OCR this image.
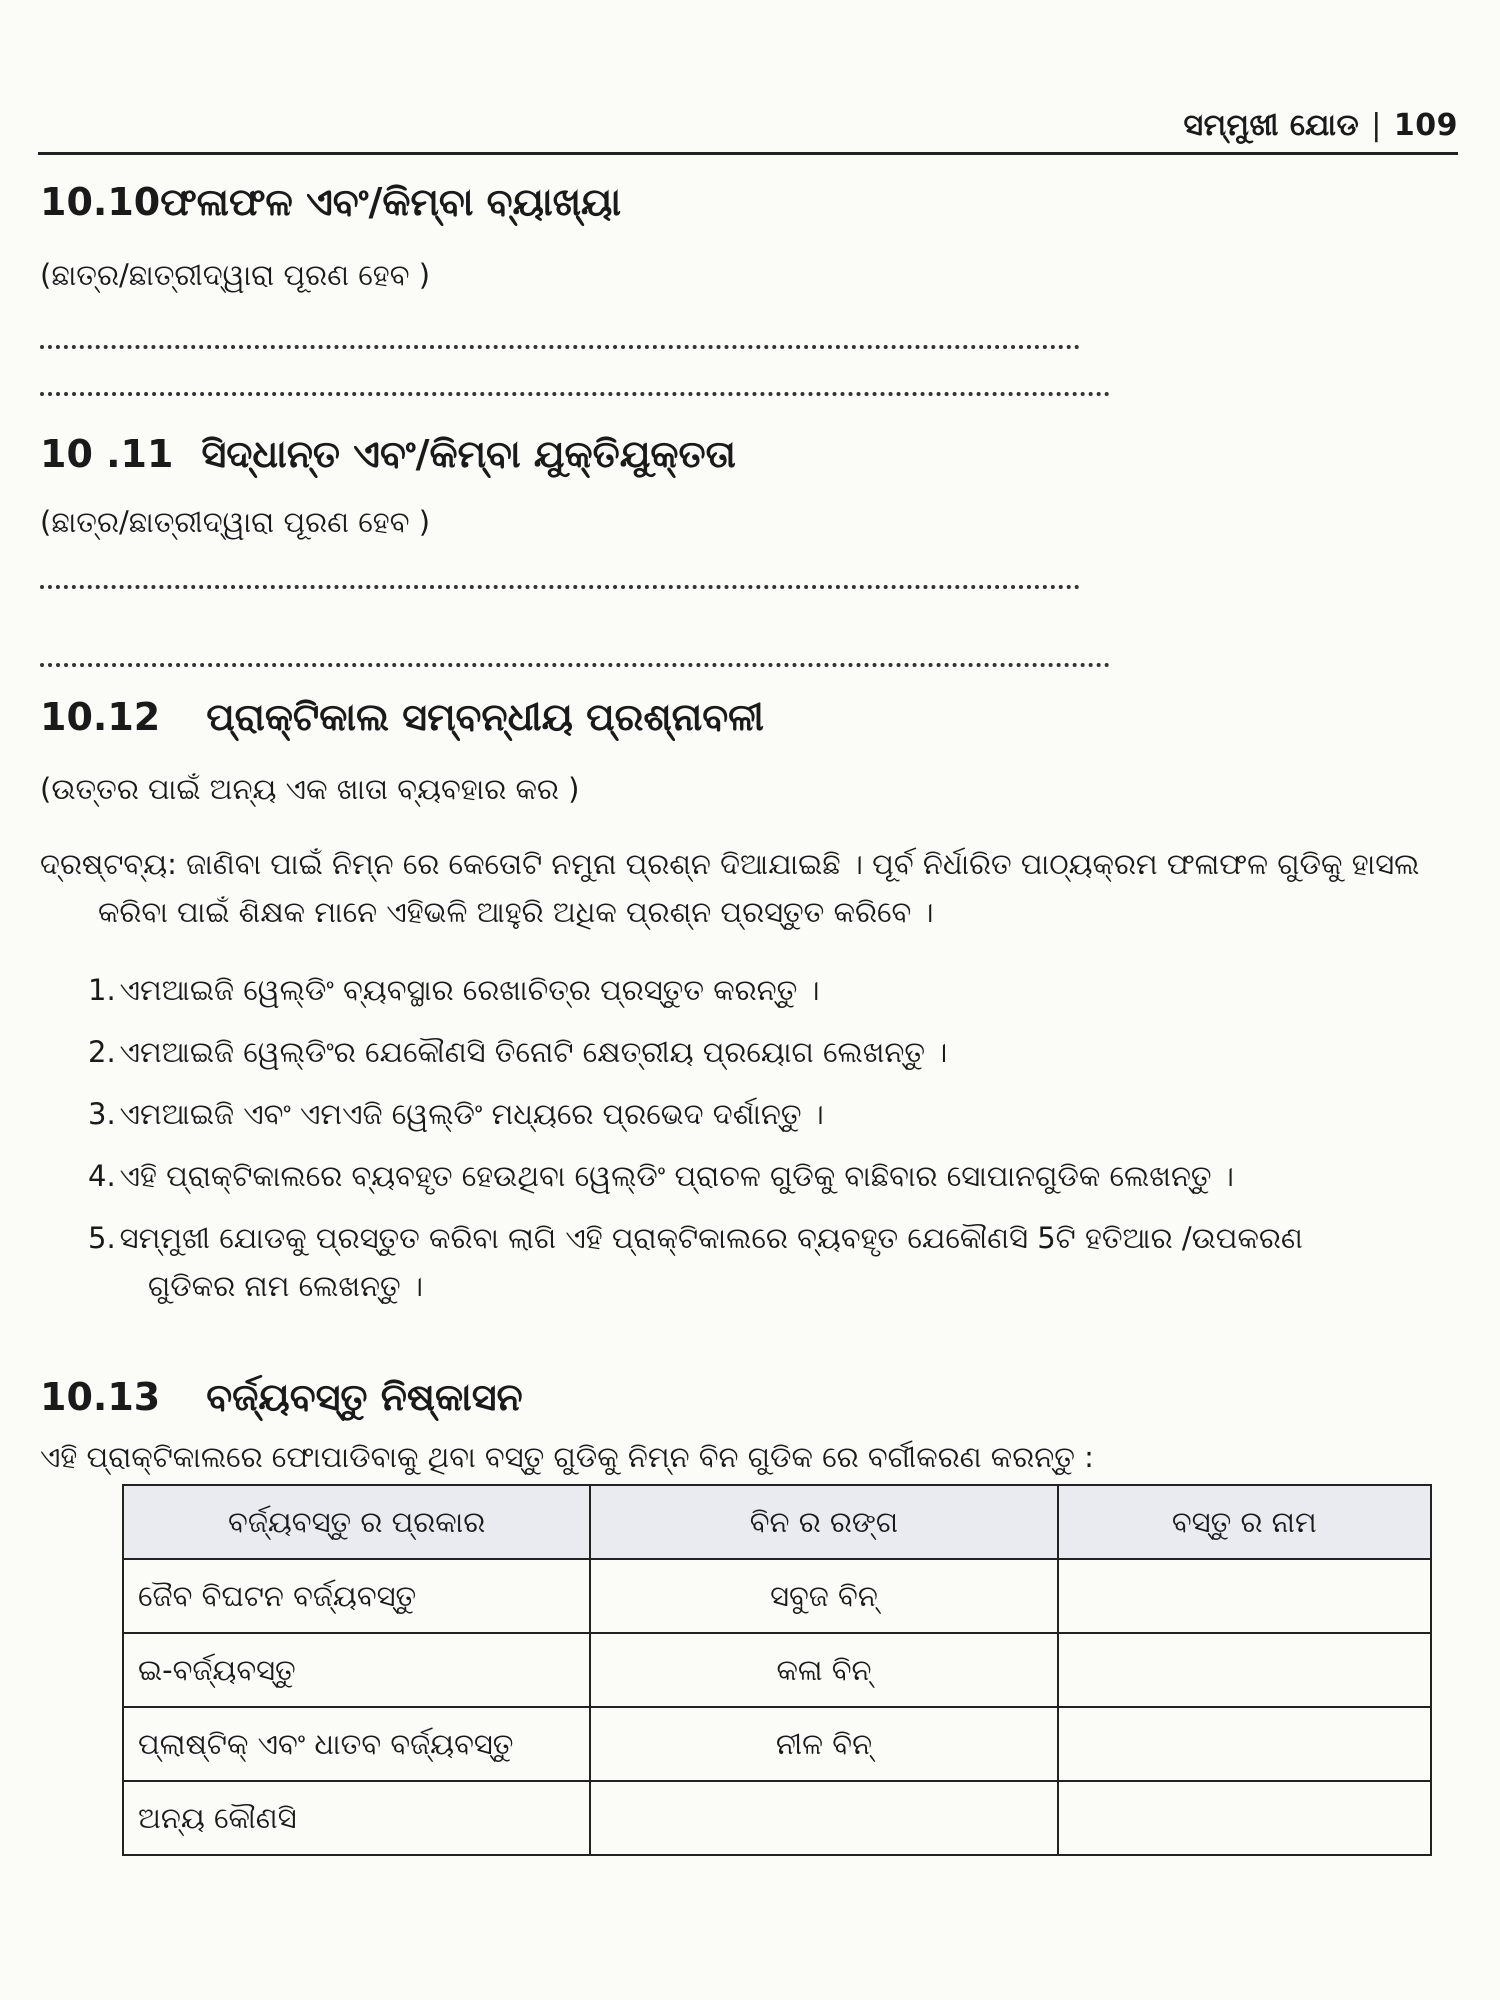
ସମ୍ମୁଖୀ ଯୋଡ | 109
10.10ଫଳାଫଳ ଏବଂ/କିମ୍ବା ବ୍ୟାଖ୍ୟା
(ଛାତ୍ର/ଛାତ୍ରୀଦ୍ୱାରା ପୂରଣ ହେବ )
10 .11 ସିଦ୍ଧାନ୍ତ ଏବଂ/କିମ୍ବା ଯୁକ୍ତିଯୁକ୍ତତା
(ଛାତ୍ର/ଛାତ୍ରୀଦ୍ୱାରା ପୂରଣ ହେବ )
10.12 ପ୍ରାକ୍ଟିକାଲ ସମ୍ବନ୍ଧୀୟ ପ୍ରଶ୍ନାବଳୀ
(ଉତ୍ତର ପାଇଁ ଅନ୍ୟ ଏକ ଖାତା ବ୍ୟବହାର କର )
ଦ୍ରଷ୍ଟବ୍ୟ: ଜାଣିବା ପାଇଁ ନିମ୍ନ ରେ କେତୋଟି ନମୁନା ପ୍ରଶ୍ନ ଦିଆଯାଇଛି । ପୂର୍ବ ନିର୍ଧାରିତ ପାଠ୍ୟକ୍ରମ ଫଳାଫଳ ଗୁଡିକୁ ହାସଲ କରିବା ପାଇଁ ଶିକ୍ଷକ ମାନେ ଏହିଭଳି ଆହୁରି ଅଧିକ ପ୍ରଶ୍ନ ପ୍ରସ୍ତୁତ କରିବେ ।
1. ଏମଆଇଜି ୱେଲ୍ଡିଂ ବ୍ୟବସ୍ଥାର ରେଖାଚିତ୍ର ପ୍ରସ୍ତୁତ କରନ୍ତୁ ।
2. ଏମଆଇଜି ୱେଲ୍ଡିଂର ଯେକୌଣସି ତିନୋଟି କ୍ଷେତ୍ରୀୟ ପ୍ରୟୋଗ ଲେଖନ୍ତୁ ।
3. ଏମଆଇଜି ଏବଂ ଏମଏଜି ୱେଲ୍ଡିଂ ମଧ୍ୟରେ ପ୍ରଭେଦ ଦର୍ଶାନ୍ତୁ ।
4. ଏହି ପ୍ରାକ୍ଟିକାଲରେ ବ୍ୟବହୃତ ହେଉଥିବା ୱେଲ୍ଡିଂ ପ୍ରାଚଳ ଗୁଡିକୁ ବାଛିବାର ସୋପାନଗୁଡିକ ଲେଖନ୍ତୁ ।
5. ସମ୍ମୁଖୀ ଯୋଡକୁ ପ୍ରସ୍ତୁତ କରିବା ଲାଗି ଏହି ପ୍ରାକ୍ଟିକାଲରେ ବ୍ୟବହୃତ ଯେକୌଣସି 5ଟି ହତିଆର /ଉପକରଣ
ଗୁଡିକର ନାମ ଲେଖନ୍ତୁ ।
10.13 ବର୍ଜ୍ୟବସ୍ତୁ ନିଷ୍କାସନ
ଏହି ପ୍ରାକ୍ଟିକାଲରେ ଫୋପାଡିବାକୁ ଥିବା ବସ୍ତୁ ଗୁଡିକୁ ନିମ୍ନ ବିନ ଗୁଡିକ ରେ ବର୍ଗୀକରଣ କରନ୍ତୁ :
ବର୍ଜ୍ୟବସ୍ତୁ ର ପ୍ରକାର	ବିନ ର ରଙ୍ଗ	ବସ୍ତୁ ର ନାମ
ଜୈବ ବିଘଟନ ବର୍ଜ୍ୟବସ୍ତୁ	ସବୁଜ ବିନ୍	
ଇ-ବର୍ଜ୍ୟବସ୍ତୁ	କଳା ବିନ୍	
ପ୍ଲାଷ୍ଟିକ୍ ଏବଂ ଧାତବ ବର୍ଜ୍ୟବସ୍ତୁ	ନୀଳ ବିନ୍	
ଅନ୍ୟ କୌଣସି		
